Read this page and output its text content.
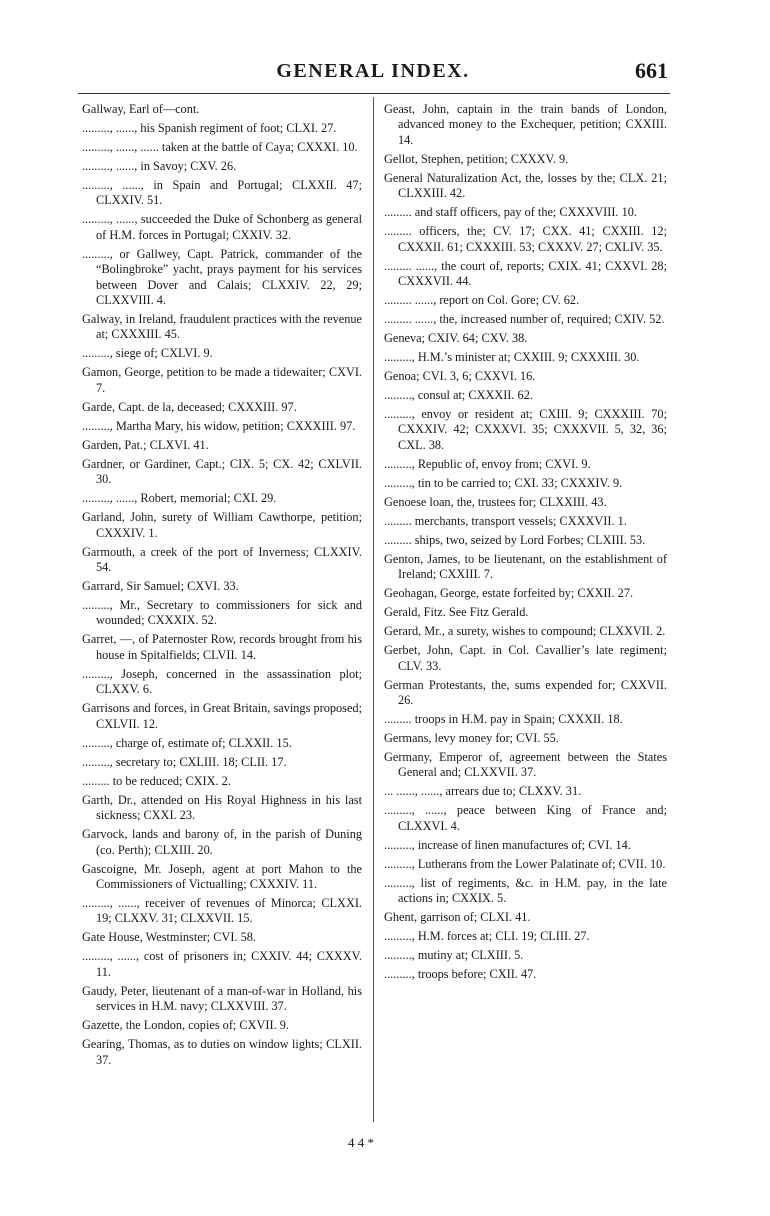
GENERAL INDEX.	661
Gallway, Earl of—cont.
........., ......, his Spanish regiment of foot; CLXI. 27.
........., ......, ...... taken at the battle of Caya; CXXXI. 10.
........., ......, in Savoy; CXV. 26.
........., ......, in Spain and Portugal; CLXXII. 47; CLXXIV. 51.
........., ......, succeeded the Duke of Schonberg as general of H.M. forces in Portugal; CXXIV. 32.
........., or Gallwey, Capt. Patrick, commander of the “Bolingbroke” yacht, prays payment for his services between Dover and Calais; CLXXIV. 22, 29; CLXXVIII. 4.
Galway, in Ireland, fraudulent practices with the revenue at; CXXXIII. 45.
........., siege of; CXLVI. 9.
Gamon, George, petition to be made a tidewaiter; CXVI. 7.
Garde, Capt. de la, deceased; CXXXIII. 97.
........., Martha Mary, his widow, petition; CXXXIII. 97.
Garden, Pat.; CLXVI. 41.
Gardner, or Gardiner, Capt.; CIX. 5; CX. 42; CXLVII. 30.
........., ......, Robert, memorial; CXI. 29.
Garland, John, surety of William Cawthorpe, petition; CXXXIV. 1.
Garmouth, a creek of the port of Inverness; CLXXIV. 54.
Garrard, Sir Samuel; CXVI. 33.
........., Mr., Secretary to commissioners for sick and wounded; CXXXIX. 52.
Garret, —, of Paternoster Row, records brought from his house in Spitalfields; CLVII. 14.
........., Joseph, concerned in the assassination plot; CLXXV. 6.
Garrisons and forces, in Great Britain, savings proposed; CXLVII. 12.
........., charge of, estimate of; CLXXII. 15.
........., secretary to; CXLIII. 18; CLII. 17.
......... to be reduced; CXIX. 2.
Garth, Dr., attended on His Royal Highness in his last sickness; CXXI. 23.
Garvock, lands and barony of, in the parish of Duning (co. Perth); CLXIII. 20.
Gascoigne, Mr. Joseph, agent at port Mahon to the Commissioners of Victualling; CXXXIV. 11.
........., ......, receiver of revenues of Minorca; CLXXI. 19; CLXXV. 31; CLXXVII. 15.
Gate House, Westminster; CVI. 58.
........., ......, cost of prisoners in; CXXIV. 44; CXXXV. 11.
Gaudy, Peter, lieutenant of a man-of-war in Holland, his services in H.M. navy; CLXXVIII. 37.
Gazette, the London, copies of; CXVII. 9.
Gearing, Thomas, as to duties on window lights; CLXII. 37.
Geast, John, captain in the train bands of London, advanced money to the Exchequer, petition; CXXIII. 14.
Gellot, Stephen, petition; CXXXV. 9.
General Naturalization Act, the, losses by the; CLX. 21; CLXXIII. 42.
......... and staff officers, pay of the; CXXXVIII. 10.
......... officers, the; CV. 17; CXX. 41; CXXIII. 12; CXXXII. 61; CXXXIII. 53; CXXXV. 27; CXLIV. 35.
......... ......, the court of, reports; CXIX. 41; CXXVI. 28; CXXXVII. 44.
......... ......, report on Col. Gore; CV. 62.
......... ......, the, increased number of, required; CXIV. 52.
Geneva; CXIV. 64; CXV. 38.
........., H.M.’s minister at; CXXIII. 9; CXXXIII. 30.
Genoa; CVI. 3, 6; CXXVI. 16.
........., consul at; CXXXII. 62.
........., envoy or resident at; CXIII. 9; CXXXIII. 70; CXXXIV. 42; CXXXVI. 35; CXXXVII. 5, 32, 36; CXL. 38.
........., Republic of, envoy from; CXVI. 9.
........., tin to be carried to; CXI. 33; CXXXIV. 9.
Genoese loan, the, trustees for; CLXXIII. 43.
......... merchants, transport vessels; CXXXVII. 1.
......... ships, two, seized by Lord Forbes; CLXIII. 53.
Genton, James, to be lieutenant, on the establishment of Ireland; CXXIII. 7.
Geohagan, George, estate forfeited by; CXXII. 27.
Gerald, Fitz. See Fitz Gerald.
Gerard, Mr., a surety, wishes to compound; CLXXVII. 2.
Gerbet, John, Capt. in Col. Cavallier’s late regiment; CLV. 33.
German Protestants, the, sums expended for; CXXVII. 26.
......... troops in H.M. pay in Spain; CXXXII. 18.
Germans, levy money for; CVI. 55.
Germany, Emperor of, agreement between the States General and; CLXXVII. 37.
... ......, ......, arrears due to; CLXXV. 31.
........., ......, peace between King of France and; CLXXVI. 4.
........., increase of linen manufactures of; CVI. 14.
........., Lutherans from the Lower Palatinate of; CVII. 10.
........., list of regiments, &c. in H.M. pay, in the late actions in; CXXIX. 5.
Ghent, garrison of; CLXI. 41.
........., H.M. forces at; CLI. 19; CLIII. 27.
........., mutiny at; CLXIII. 5.
........., troops before; CXII. 47.
4 4 *
